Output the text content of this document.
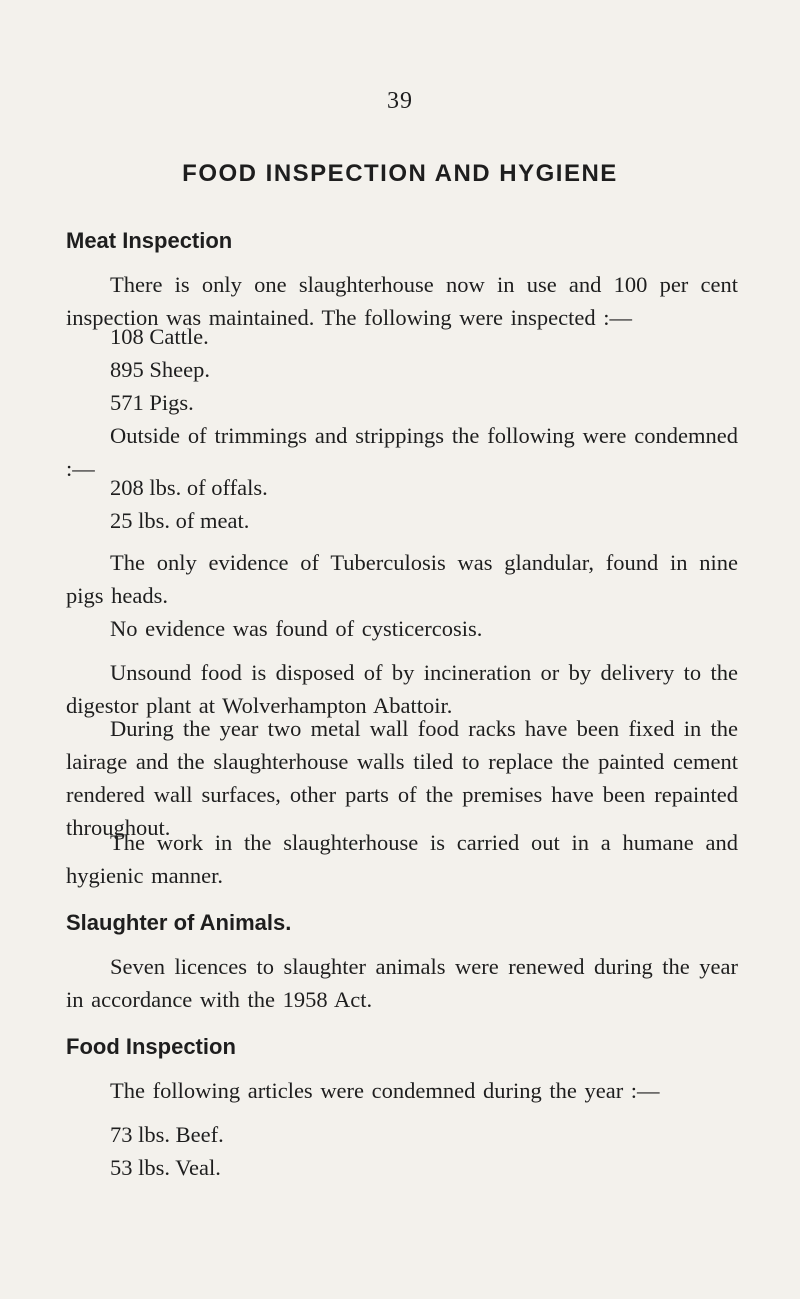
39
FOOD INSPECTION AND HYGIENE
Meat Inspection

There is only one slaughterhouse now in use and 100 per cent inspection was maintained. The following were inspected :—

108 Cattle.
895 Sheep.
571 Pigs.

Outside of trimmings and strippings the following were condemned :—

208 lbs. of offals.
25 lbs. of meat.

The only evidence of Tuberculosis was glandular, found in nine pigs heads.

No evidence was found of cysticercosis.

Unsound food is disposed of by incineration or by delivery to the digestor plant at Wolverhampton Abattoir.

During the year two metal wall food racks have been fixed in the lairage and the slaughterhouse walls tiled to replace the painted cement rendered wall surfaces, other parts of the premises have been repainted throughout.

The work in the slaughterhouse is carried out in a humane and hygienic manner.

Slaughter of Animals.

Seven licences to slaughter animals were renewed during the year in accordance with the 1958 Act.

Food Inspection

The following articles were condemned during the year :—

73 lbs. Beef.
53 lbs. Veal.
